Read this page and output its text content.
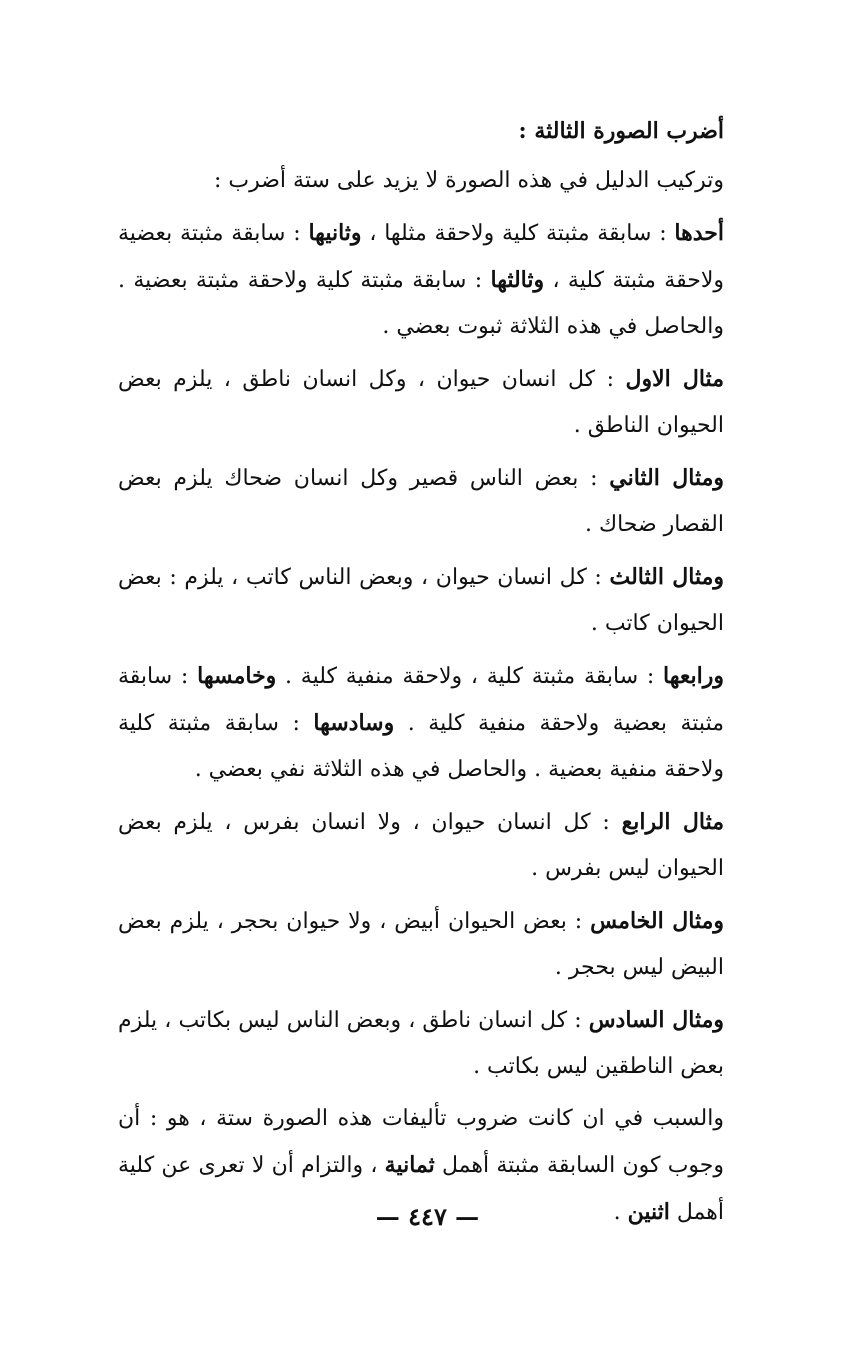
أضرب الصورة الثالثة :

وتركيب الدليل في هذه الصورة لا يزيد على ستة أضرب :

أحدها : سابقة مثبتة كلية ولاحقة مثلها ، وثانيها : سابقة مثبتة بعضية ولاحقة مثبتة كلية ، وثالثها : سابقة مثبتة كلية ولاحقة مثبتة بعضية . والحاصل في هذه الثلاثة ثبوت بعضي .

مثال الاول : كل انسان حيوان ، وكل انسان ناطق ، يلزم بعض الحيوان الناطق .

ومثال الثاني : بعض الناس قصير وكل انسان ضحاك يلزم بعض القصار ضحاك .

ومثال الثالث : كل انسان حيوان ، وبعض الناس كاتب ، يلزم : بعض الحيوان كاتب .

ورابعها : سابقة مثبتة كلية ، ولاحقة منفية كلية . وخامسها : سابقة مثبتة بعضية ولاحقة منفية كلية . وسادسها : سابقة مثبتة كلية ولاحقة منفية بعضية . والحاصل في هذه الثلاثة نفي بعضي .

مثال الرابع : كل انسان حيوان ، ولا انسان بفرس ، يلزم بعض الحيوان ليس بفرس .

ومثال الخامس : بعض الحيوان أبيض ، ولا حيوان بحجر ، يلزم بعض البيض ليس بحجر .

ومثال السادس : كل انسان ناطق ، وبعض الناس ليس بكاتب ، يلزم بعض الناطقين ليس بكاتب .

والسبب في ان كانت ضروب تأليفات هذه الصورة ستة ، هو : أن وجوب كون السابقة مثبتة أهمل ثمانية ، والتزام أن لا تعرى عن كلية أهمل اثنين .

— ٤٤٧ —
